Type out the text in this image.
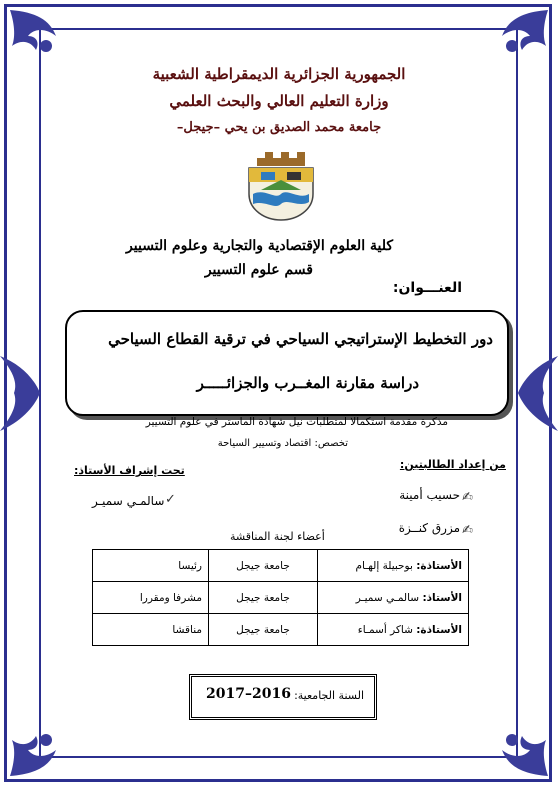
الجمهورية الجزائرية الديمقراطية الشعبية
وزارة التعليم العالي والبحث العلمي
جامعة محمد الصديق بن يحي –جيجل–
كلية العلوم الإقتصادية والتجارية وعلوم التسيير
قسم علوم التسيير
العنـــوان:
دور التخطيط الإستراتيجي السياحي في ترقية القطاع السياحي
دراسة مقارنة المغــرب والجزائـــــر
مذكرة مقدمة استكمالا لمتطلبات نيل شهادة الماستر في علوم التسيير
تخصص: اقتصاد وتسيير السياحة
من إعداد الطالبتين:
تحت إشراف الأستاذ:
✍
حسيب أمينة
✍
مزرق كنــزة
✓
سالمـي سميـر
أعضاء لجنة المناقشة
الأستاذة: بوحبيلة إلهـام	جامعة جيجل	رئيسا
الأستاذ: سالمـي سميـر	جامعة جيجل	مشرفا ومقررا
الأستاذة: شاكر أسمـاء	جامعة جيجل	مناقشا
السنة الجامعية:
2017–2016
